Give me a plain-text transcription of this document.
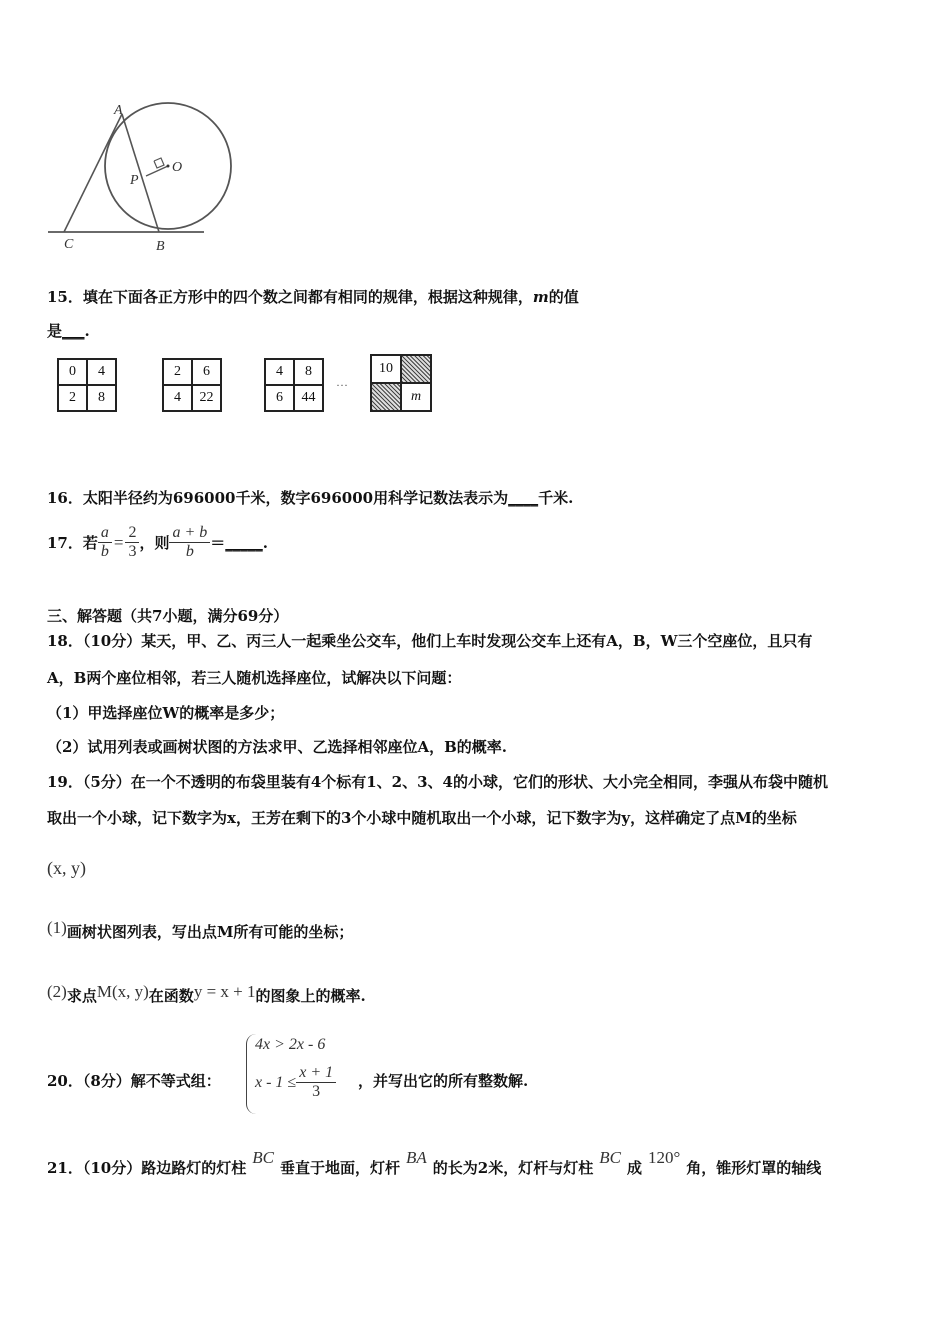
A
O
P
C	B
15．填在下面各正方形中的四个数之间都有相同的规律，根据这种规律，m的值
是___.
0	4
2	8
2	6
4	22
4	8
6	44
···
10
m
16．太阳半径约为696000千米，数字696000用科学记数法表示为____千米.
17．若 $\frac{a}{b} = \frac{2}{3}$ ，则 $\frac{a + b}{b}$ ＝ _____ .
三、解答题（共7小题，满分69分）
18．（10分）某天，甲、乙、丙三人一起乘坐公交车，他们上车时发现公交车上还有A，B，W三个空座位，且只有
A，B两个座位相邻，若三人随机选择座位，试解决以下问题：
（1）甲选择座位W的概率是多少；
（2）试用列表或画树状图的方法求甲、乙选择相邻座位A，B的概率.
19．（5分）在一个不透明的布袋里装有4个标有1、2、3、4的小球，它们的形状、大小完全相同，李强从布袋中随机
取出一个小球，记下数字为x，王芳在剩下的3个小球中随机取出一个小球，记下数字为y，这样确定了点M的坐标
(x, y)
(1)画树状图列表，写出点M所有可能的坐标；
(2)求点M(x, y)在函数y = x + 1的图象上的概率.
20．（8分）解不等式组：
4x > 2x - 6
$x - 1 \le \frac{x + 1}{3}$ ，并写出它的所有整数解.
21．（10分）路边路灯的灯柱BC垂直于地面，灯杆BA的长为2米，灯杆与灯柱BC成120°角，锥形灯罩的轴线
